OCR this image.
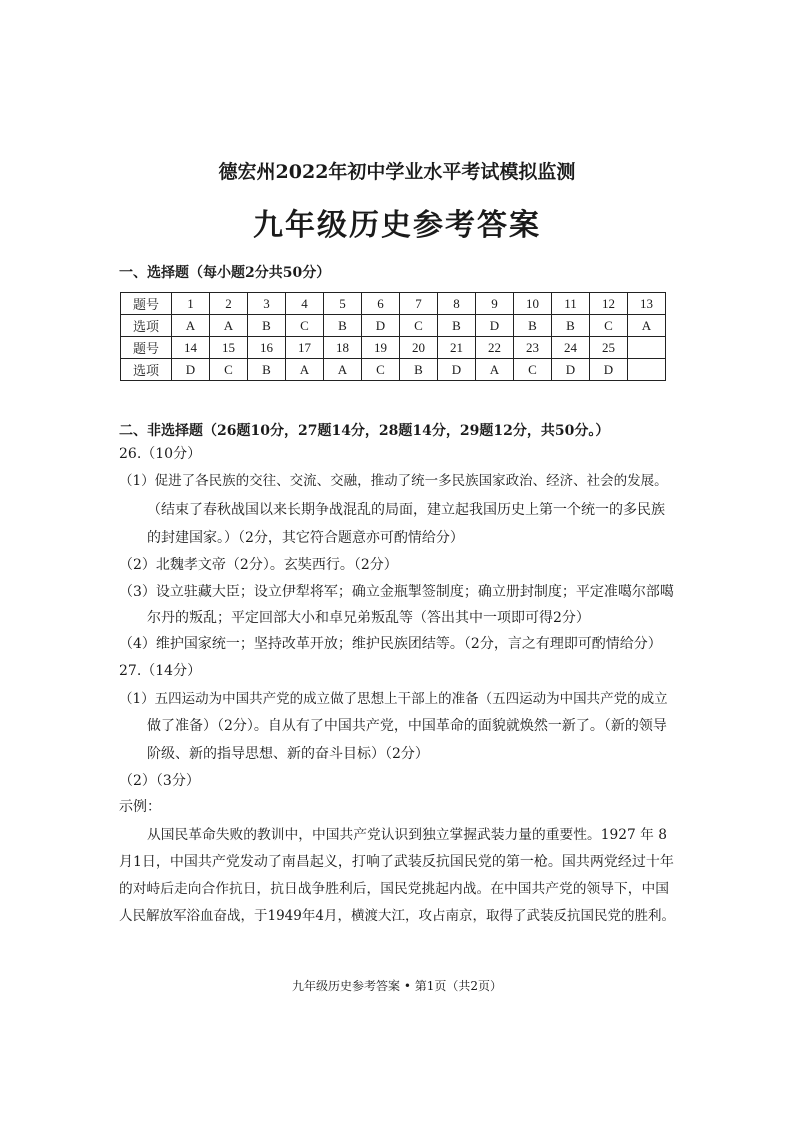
德宏州2022年初中学业水平考试模拟监测
九年级历史参考答案
一、选择题（每小题2分共50分）
题号	1	2	3	4	5	6	7	8	9	10	11	12	13
选项	A	A	B	C	B	D	C	B	D	B	B	C	A
题号	14	15	16	17	18	19	20	21	22	23	24	25	
选项	D	C	B	A	A	C	B	D	A	C	D	D	
二、非选择题（26题10分，27题14分，28题14分，29题12分，共50分。）
26.（10分）
（1）促进了各民族的交往、交流、交融，推动了统一多民族国家政治、经济、社会的发展。
（结束了春秋战国以来长期争战混乱的局面，建立起我国历史上第一个统一的多民族
的封建国家。）（2分，其它符合题意亦可酌情给分）
（2）北魏孝文帝（2分）。玄奘西行。（2分）
（3）设立驻藏大臣；设立伊犁将军；确立金瓶掣签制度；确立册封制度；平定准噶尔部噶
尔丹的叛乱；平定回部大小和卓兄弟叛乱等（答出其中一项即可得2分）
（4）维护国家统一；坚持改革开放；维护民族团结等。（2分，言之有理即可酌情给分）
27.（14分）
（1）五四运动为中国共产党的成立做了思想上干部上的准备（五四运动为中国共产党的成立
做了准备）（2分）。自从有了中国共产党，中国革命的面貌就焕然一新了。（新的领导
阶级、新的指导思想、新的奋斗目标）（2分）
（2）（3分）
示例：
从国民革命失败的教训中，中国共产党认识到独立掌握武装力量的重要性。1927 年 8
月1日，中国共产党发动了南昌起义，打响了武装反抗国民党的第一枪。国共两党经过十年
的对峙后走向合作抗日，抗日战争胜利后，国民党挑起内战。在中国共产党的领导下，中国
人民解放军浴血奋战，于1949年4月，横渡大江，攻占南京，取得了武装反抗国民党的胜利。
九年级历史参考答案 • 第1页（共2页）
